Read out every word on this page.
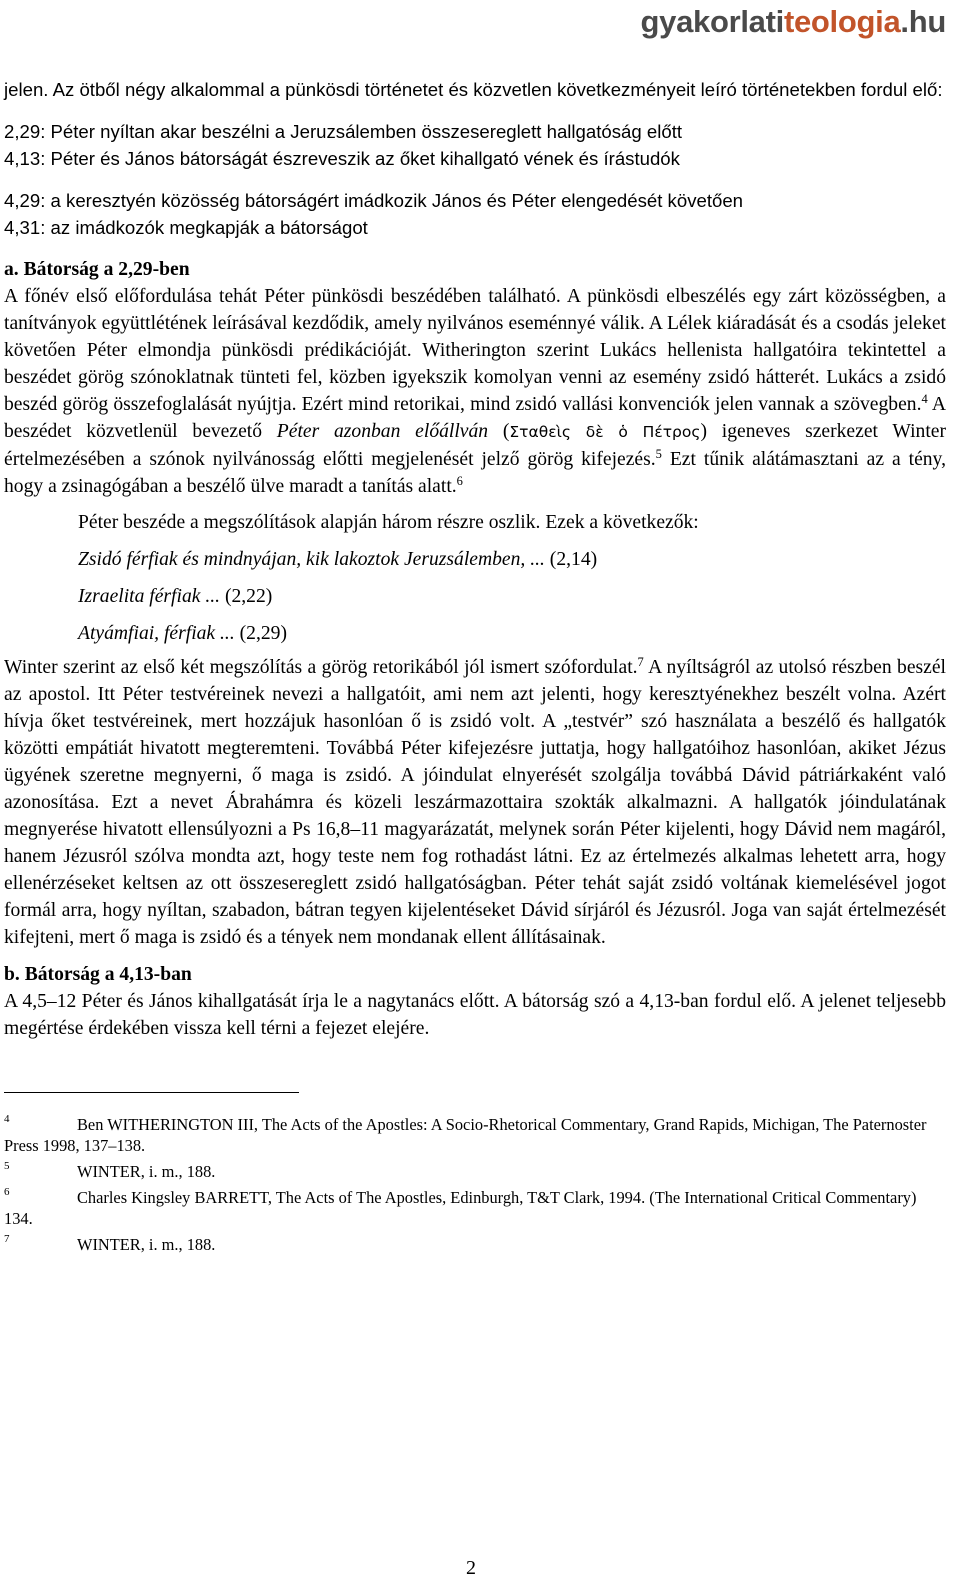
gyakorlatiteologia.hu

jelen. Az ötből négy alkalommal a pünkösdi történetet és közvetlen következményeit leíró történetekben fordul elő:

2,29: Péter nyíltan akar beszélni a Jeruzsálemben összesereglett hallgatóság előtt

4,13: Péter és János bátorságát észreveszik az őket kihallgató vének és írástudók

4,29: a keresztyén közösség bátorságért imádkozik János és Péter elengedését követően

4,31: az imádkozók megkapják a bátorságot

a. Bátorság a 2,29-ben

A főnév első előfordulása tehát Péter pünkösdi beszédében található. A pünkösdi elbeszélés egy zárt közösségben, a tanítványok együttlétének leírásával kezdődik, amely nyilvános eseménnyé válik. A Lélek kiáradását és a csodás jeleket követően Péter elmondja pünkösdi prédikációját. Witherington szerint Lukács hellenista hallgatóira tekintettel a beszédet görög szónoklatnak tünteti fel, közben igyekszik komolyan venni az esemény zsidó hátterét. Lukács a zsidó beszéd görög összefoglalását nyújtja. Ezért mind retorikai, mind zsidó vallási konvenciók jelen vannak a szövegben.$^4$ A beszédet közvetlenül bevezető Péter azonban előállván (Σταθεὶς δὲ ὁ Πέτρος) igeneves szerkezet Winter értelmezésében a szónok nyilvánosság előtti megjelenését jelző görög kifejezés.$^5$ Ezt tűnik alátámasztani az a tény, hogy a zsinagógában a beszélő ülve maradt a tanítás alatt.$^6$

Péter beszéde a megszólítások alapján három részre oszlik. Ezek a következők:

Zsidó férfiak és mindnyájan, kik lakoztok Jeruzsálemben, ... (2,14)

Izraelita férfiak ... (2,22)

Atyámfiai, férfiak ... (2,29)

Winter szerint az első két megszólítás a görög retorikából jól ismert szófordulat.$^7$ A nyíltságról az utolsó részben beszél az apostol. Itt Péter testvéreinek nevezi a hallgatóit, ami nem azt jelenti, hogy keresztyénekhez beszélt volna. Azért hívja őket testvéreinek, mert hozzájuk hasonlóan ő is zsidó volt. A „testvér” szó használata a beszélő és hallgatók közötti empátiát hivatott megteremteni. Továbbá Péter kifejezésre juttatja, hogy hallgatóihoz hasonlóan, akiket Jézus ügyének szeretne megnyerni, ő maga is zsidó. A jóindulat elnyerését szolgálja továbbá Dávid pátriárkaként való azonosítása. Ezt a nevet Ábrahámra és közeli leszármazottaira szokták alkalmazni. A hallgatók jóindulatának megnyerése hivatott ellensúlyozni a Ps 16,8–11 magyarázatát, melynek során Péter kijelenti, hogy Dávid nem magáról, hanem Jézusról szólva mondta azt, hogy teste nem fog rothadást látni. Ez az értelmezés alkalmas lehetett arra, hogy ellenérzéseket keltsen az ott összesereglett zsidó hallgatóságban. Péter tehát saját zsidó voltának kiemelésével jogot formál arra, hogy nyíltan, szabadon, bátran tegyen kijelentéseket Dávid sírjáról és Jézusról. Joga van saját értelmezését kifejteni, mert ő maga is zsidó és a tények nem mondanak ellent állításainak.

b. Bátorság a 4,13-ban

A 4,5–12 Péter és János kihallgatását írja le a nagytanács előtt. A bátorság szó a 4,13-ban fordul elő. A jelenet teljesebb megértése érdekében vissza kell térni a fejezet elejére.

4	Ben WITHERINGTON III, The Acts of the Apostles: A Socio-Rhetorical Commentary, Grand Rapids, Michigan, The Paternoster Press 1998, 137–138.

5	WINTER, i. m., 188.

6	Charles Kingsley BARRETT, The Acts of The Apostles, Edinburgh, T&T Clark, 1994. (The International Critical Commentary) 134.

7	WINTER, i. m., 188.

2
